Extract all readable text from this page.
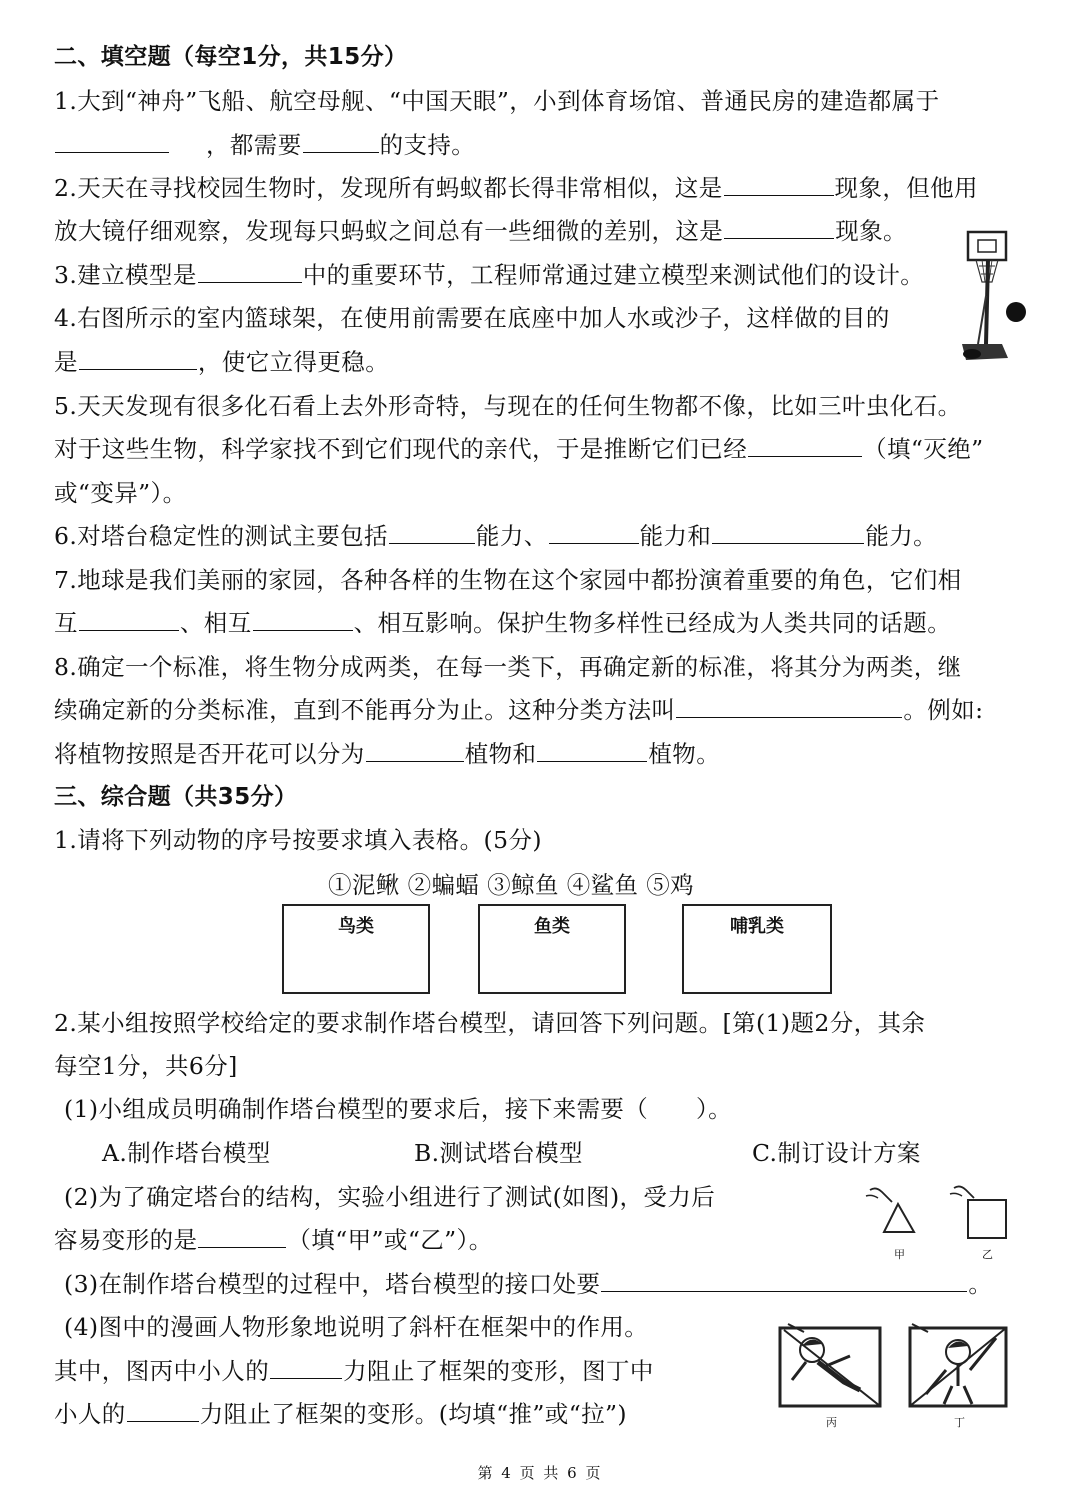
二、填空题（每空1分，共15分）
1.大到“神舟”飞船、航空母舰、“中国天眼”，小到体育场馆、普通民房的建造都属于
，都需要	的支持。
2.天天在寻找校园生物时，发现所有蚂蚁都长得非常相似，这是	现象，但他用
放大镜仔细观察，发现每只蚂蚁之间总有一些细微的差别，这是	现象。
3.建立模型是	中的重要环节，工程师常通过建立模型来测试他们的设计。
4.右图所示的室内篮球架，在使用前需要在底座中加人水或沙子，这样做的目的
是	，使它立得更稳。
5.天天发现有很多化石看上去外形奇特，与现在的任何生物都不像，比如三叶虫化石。
对于这些生物，科学家找不到它们现代的亲代，于是推断它们已经	（填“灭绝”
或“变异”）。
6.对塔台稳定性的测试主要包括	能力、	能力和	能力。
7.地球是我们美丽的家园，各种各样的生物在这个家园中都扮演着重要的角色，它们相
互	、相互	、相互影响。保护生物多样性已经成为人类共同的话题。
8.确定一个标准，将生物分成两类，在每一类下，再确定新的标准，将其分为两类，继
续确定新的分类标准，直到不能再分为止。这种分类方法叫	。例如:
将植物按照是否开花可以分为	植物和	植物。
三、综合题（共35分）
1.请将下列动物的序号按要求填入表格。(5分)
①泥鳅 ②蝙蝠 ③鲸鱼 ④鲨鱼 ⑤鸡
鸟类	鱼类	哺乳类
2.某小组按照学校给定的要求制作塔台模型，请回答下列问题。[第(1)题2分，其余
每空1分，共6分]
(1)小组成员明确制作塔台模型的要求后，接下来需要（　　）。
A.制作塔台模型	B.测试塔台模型	C.制订设计方案
(2)为了确定塔台的结构，实验小组进行了测试(如图)，受力后
容易变形的是	（填“甲”或“乙”）。
甲	乙
(3)在制作塔台模型的过程中，塔台模型的接口处要	。
(4)图中的漫画人物形象地说明了斜杆在框架中的作用。
其中，图丙中小人的	力阻止了框架的变形，图丁中
小人的	力阻止了框架的变形。(均填“推”或“拉”)	丙	丁
第 4 页 共 6 页
